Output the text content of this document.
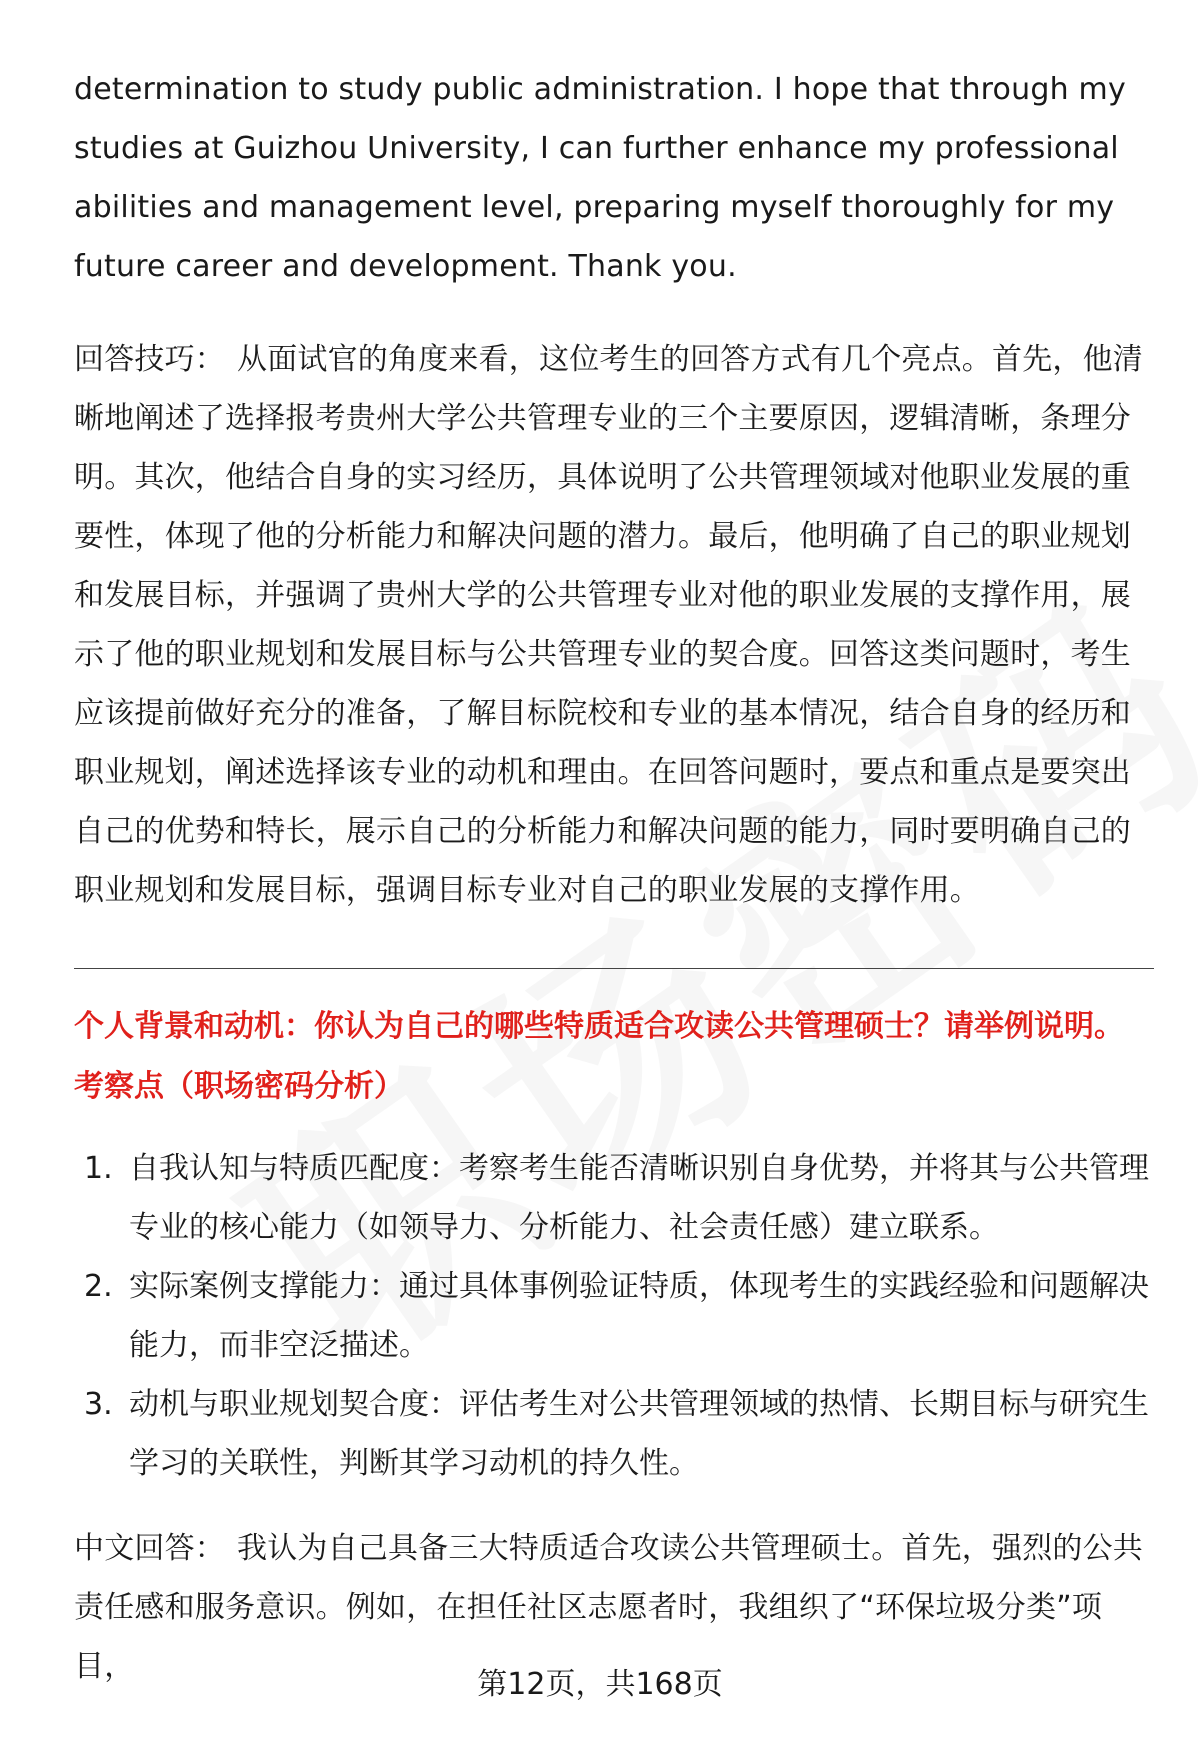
determination to study public administration. I hope that through my studies at Guizhou University, I can further enhance my professional abilities and management level, preparing myself thoroughly for my future career and development. Thank you.

回答技巧： 从面试官的角度来看，这位考生的回答方式有几个亮点。首先，他清晰地阐述了选择报考贵州大学公共管理专业的三个主要原因，逻辑清晰，条理分明。其次，他结合自身的实习经历，具体说明了公共管理领域对他职业发展的重要性，体现了他的分析能力和解决问题的潜力。最后，他明确了自己的职业规划和发展目标，并强调了贵州大学的公共管理专业对他的职业发展的支撑作用，展示了他的职业规划和发展目标与公共管理专业的契合度。回答这类问题时，考生应该提前做好充分的准备，了解目标院校和专业的基本情况，结合自身的经历和职业规划，阐述选择该专业的动机和理由。在回答问题时，要点和重点是要突出自己的优势和特长，展示自己的分析能力和解决问题的能力，同时要明确自己的职业规划和发展目标，强调目标专业对自己的职业发展的支撑作用。

个人背景和动机：你认为自己的哪些特质适合攻读公共管理硕士？请举例说明。

考察点（职场密码分析）

1. 自我认知与特质匹配度：考察考生能否清晰识别自身优势，并将其与公共管理专业的核心能力（如领导力、分析能力、社会责任感）建立联系。
2. 实际案例支撑能力：通过具体事例验证特质，体现考生的实践经验和问题解决能力，而非空泛描述。
3. 动机与职业规划契合度：评估考生对公共管理领域的热情、长期目标与研究生学习的关联性，判断其学习动机的持久性。

中文回答： 我认为自己具备三大特质适合攻读公共管理硕士。首先，强烈的公共责任感和服务意识。例如，在担任社区志愿者时，我组织了“环保垃圾分类”项目，

第12页，共168页
